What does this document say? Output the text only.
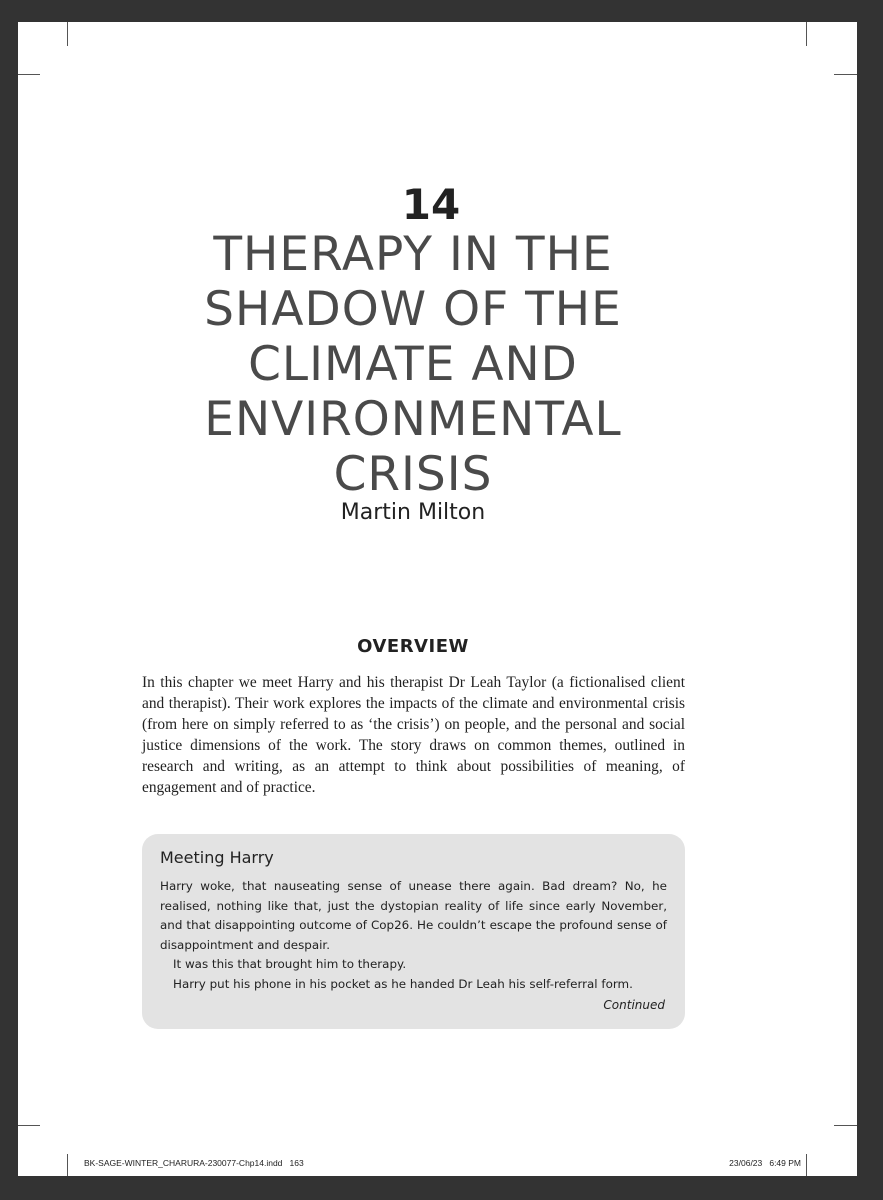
14
THERAPY IN THE
SHADOW OF THE
CLIMATE AND
ENVIRONMENTAL
CRISIS
Martin Milton
OVERVIEW

In this chapter we meet Harry and his therapist Dr Leah Taylor (a fictionalised client and therapist). Their work explores the impacts of the climate and environmental crisis (from here on simply referred to as ‘the crisis’) on people, and the personal and social justice dimensions of the work. The story draws on common themes, outlined in research and writing, as an attempt to think about possibilities of meaning, of engagement and of practice.

Meeting Harry

Harry woke, that nauseating sense of unease there again. Bad dream? No, he realised, nothing like that, just the dystopian reality of life since early November, and that disappointing outcome of Cop26. He couldn’t escape the profound sense of disappointment and despair.
It was this that brought him to therapy.
Harry put his phone in his pocket as he handed Dr Leah his self-referral form.

Continued
BK-SAGE-WINTER_CHARURA-230077-Chp14.indd   163	23/06/23   6:49 PM
